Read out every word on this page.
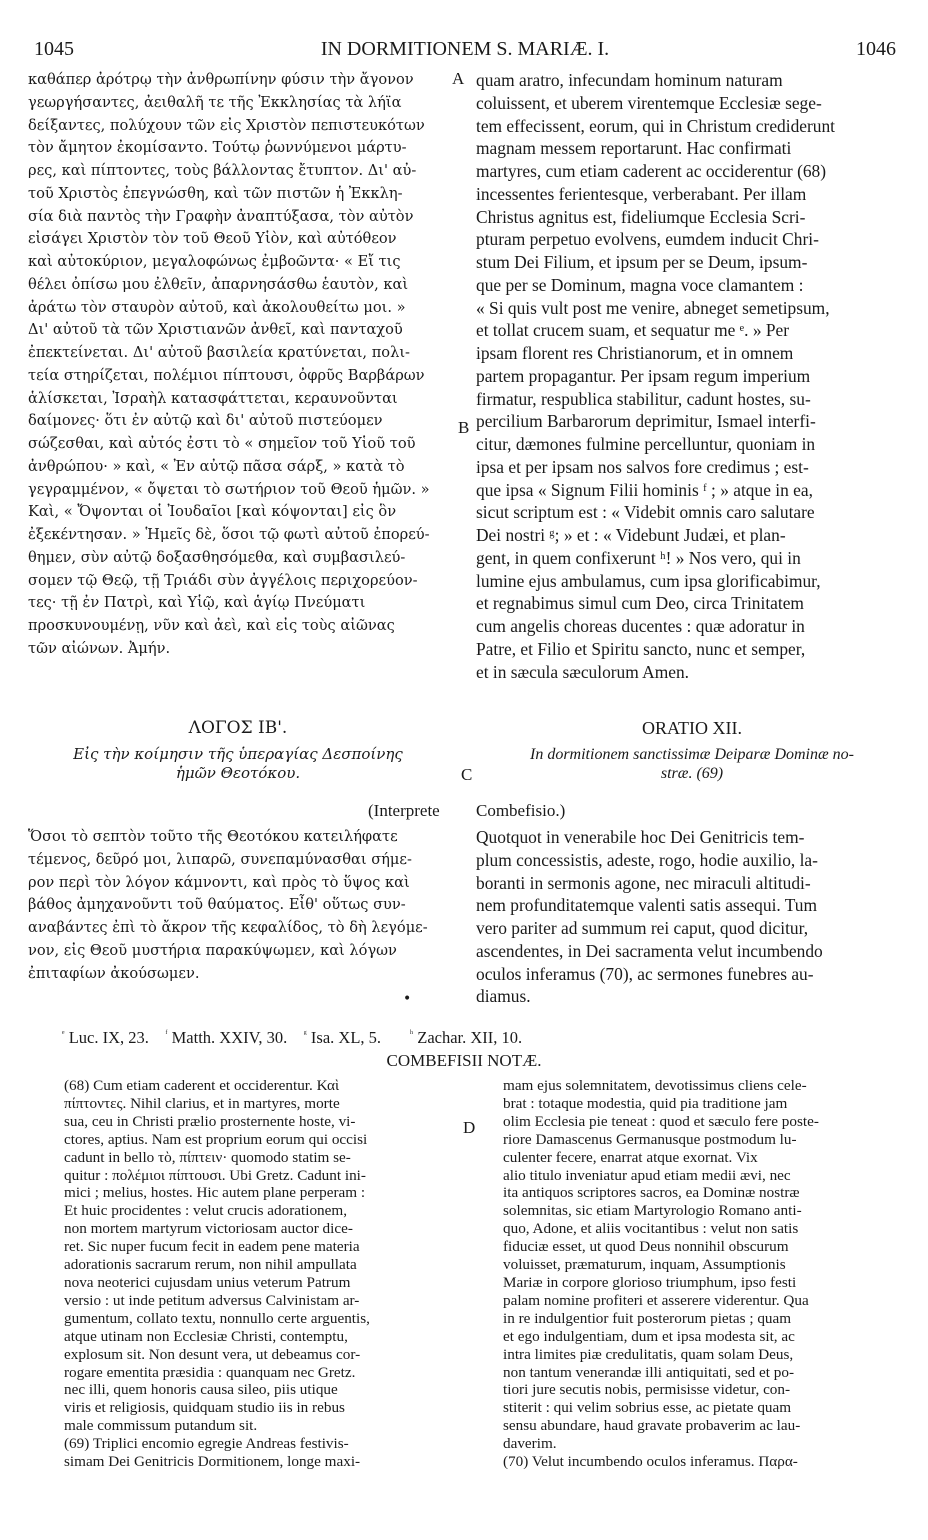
1045	IN DORMITIONEM S. MARIÆ. I.	1046
A
B
C
D

καθάπερ ἀρότρῳ τὴν ἀνθρωπίνην φύσιν τὴν ἄγονον
γεωργήσαντες, ἀειθαλῆ τε τῆς Ἐκκλησίας τὰ λήϊα
δείξαντες, πολύχουν τῶν εἰς Χριστὸν πεπιστευκότων
τὸν ἄμητον ἐκομίσαντο. Τούτῳ ῥωννύμενοι μάρτυ-
ρες, καὶ πίπτοντες, τοὺς βάλλοντας ἔτυπτον. Δι' αὐ-
τοῦ Χριστὸς ἐπεγνώσθη, καὶ τῶν πιστῶν ἡ Ἐκκλη-
σία διὰ παντὸς τὴν Γραφὴν ἀναπτύξασα, τὸν αὐτὸν
εἰσάγει Χριστὸν τὸν τοῦ Θεοῦ Υἱὸν, καὶ αὐτόθεον
καὶ αὐτοκύριον, μεγαλοφώνως ἐμβοῶντα· « Εἴ τις
θέλει ὀπίσω μου ἐλθεῖν, ἀπαρνησάσθω ἑαυτὸν, καὶ
ἀράτω τὸν σταυρὸν αὐτοῦ, καὶ ἀκολουθείτω μοι. »
Δι' αὐτοῦ τὰ τῶν Χριστιανῶν ἀνθεῖ, καὶ πανταχοῦ
ἐπεκτείνεται. Δι' αὐτοῦ βασιλεία κρατύνεται, πολι-
τεία στηρίζεται, πολέμιοι πίπτουσι, ὀφρῦς Βαρβάρων
ἁλίσκεται, Ἰσραὴλ κατασφάττεται, κεραυνοῦνται
δαίμονες· ὅτι ἐν αὐτῷ καὶ δι' αὐτοῦ πιστεύομεν
σώζεσθαι, καὶ αὐτός ἐστι τὸ « σημεῖον τοῦ Υἱοῦ τοῦ
ἀνθρώπου· » καὶ, « Ἐν αὐτῷ πᾶσα σάρξ, » κατὰ τὸ
γεγραμμένον, « ὄψεται τὸ σωτήριον τοῦ Θεοῦ ἡμῶν. »
Καὶ, « Ὄψονται οἱ Ἰουδαῖοι [καὶ κόψονται] εἰς ὃν
ἐξεκέντησαν. » Ἡμεῖς δὲ, ὅσοι τῷ φωτὶ αὐτοῦ ἐπορεύ-
θημεν, σὺν αὐτῷ δοξασθησόμεθα, καὶ συμβασιλεύ-
σομεν τῷ Θεῷ, τῇ Τριάδι σὺν ἀγγέλοις περιχορεύον-
τες· τῇ ἐν Πατρὶ, καὶ Υἱῷ, καὶ ἁγίῳ Πνεύματι
προσκυνουμένῃ, νῦν καὶ ἀεὶ, καὶ εἰς τοὺς αἰῶνας
τῶν αἰώνων. Ἀμήν.

quam aratro, infecundam hominum naturam
coluissent, et uberem virentemque Ecclesiæ sege-
tem effecissent, eorum, qui in Christum crediderunt
magnam messem reportarunt. Hac confirmati
martyres, cum etiam caderent ac occiderentur (68)
incessentes ferientesque, verberabant. Per illam
Christus agnitus est, fideliumque Ecclesia Scri-
pturam perpetuo evolvens, eumdem inducit Chri-
stum Dei Filium, et ipsum per se Deum, ipsum-
que per se Dominum, magna voce clamantem :
« Si quis vult post me venire, abneget semetipsum,
et tollat crucem suam, et sequatur me ᵉ. » Per
ipsam florent res Christianorum, et in omnem
partem propagantur. Per ipsam regum imperium
firmatur, respublica stabilitur, cadunt hostes, su-
percilium Barbarorum deprimitur, Ismael interfi-
citur, dæmones fulmine percelluntur, quoniam in
ipsa et per ipsam nos salvos fore credimus ; est-
que ipsa « Signum Filii hominis ᶠ ; » atque in ea,
sicut scriptum est : « Videbit omnis caro salutare
Dei nostri ᵍ; » et : « Videbunt Judæi, et plan-
gent, in quem confixerunt ʰ! » Nos vero, qui in
lumine ejus ambulamus, cum ipsa glorificabimur,
et regnabimus simul cum Deo, circa Trinitatem
cum angelis choreas ducentes : quæ adoratur in
Patre, et Filio et Spiritu sancto, nunc et semper,
et in sæcula sæculorum Amen.

ΛΟΓΟΣ ΙΒ'.
Εἰς τὴν κοίμησιν τῆς ὑπεραγίας Δεσποίνης
ἡμῶν Θεοτόκου.
ORATIO XII.
In dormitionem sanctissimæ Deiparæ Dominæ no-
stræ. (69)
(Interprete Combefisio.)

Ὅσοι τὸ σεπτὸν τοῦτο τῆς Θεοτόκου κατειλήφατε
τέμενος, δεῦρό μοι, λιπαρῶ, συνεπαμύνασθαι σήμε-
ρον περὶ τὸν λόγον κάμνοντι, καὶ πρὸς τὸ ὕψος καὶ
βάθος ἀμηχανοῦντι τοῦ θαύματος. Εἶθ' οὕτως συν-
αναβάντες ἐπὶ τὸ ἄκρον τῆς κεφαλίδος, τὸ δὴ λεγόμε-
νον, εἰς Θεοῦ μυστήρια παρακύψωμεν, καὶ λόγων
ἐπιταφίων ἀκούσωμεν.

Quotquot in venerabile hoc Dei Genitricis tem-
plum concessistis, adeste, rogo, hodie auxilio, la-
boranti in sermonis agone, nec miraculi altitudi-
nem profunditatemque valenti satis assequi. Tum
vero pariter ad summum rei caput, quod dicitur,
ascendentes, in Dei sacramenta velut incumbendo
oculos inferamus (70), ac sermones funebres au-
diamus.

•
$^ᵉ$ Luc. IX, 23. $^ᶠ$ Matth. XXIV, 30. $^ᵍ$ Isa. XL, 5.	$^ʰ$ Zachar. XII, 10.
COMBEFISII NOTÆ.

(68) Cum etiam caderent et occiderentur. Καὶ
πίπτοντες. Nihil clarius, et in martyres, morte
sua, ceu in Christi prælio prosternente hoste, vi-
ctores, aptius. Nam est proprium eorum qui occisi
cadunt in bello τὸ, πίπτειν· quomodo statim se-
quitur : πολέμιοι πίπτουσι. Ubi Gretz. Cadunt ini-
mici ; melius, hostes. Hic autem plane perperam :
Et huic procidentes : velut crucis adorationem,
non mortem martyrum victoriosam auctor dice-
ret. Sic nuper fucum fecit in eadem pene materia
adorationis sacrarum rerum, non nihil ampullata
nova neoterici cujusdam unius veterum Patrum
versio : ut inde petitum adversus Calvinistam ar-
gumentum, collato textu, nonnullo certe arguentis,
atque utinam non Ecclesiæ Christi, contemptu,
explosum sit. Non desunt vera, ut debeamus cor-
rogare ementita præsidia : quanquam nec Gretz.
nec illi, quem honoris causa sileo, piis utique
viris et religiosis, quidquam studio iis in rebus
male commissum putandum sit.
(69) Triplici encomio egregie Andreas festivis-
simam Dei Genitricis Dormitionem, longe maxi-

mam ejus solemnitatem, devotissimus cliens cele-
brat : totaque modestia, quid pia traditione jam
olim Ecclesia pie teneat : quod et sæculo fere poste-
riore Damascenus Germanusque postmodum lu-
culenter fecere, enarrat atque exornat. Vix
alio titulo inveniatur apud etiam medii ævi, nec
ita antiquos scriptores sacros, ea Dominæ nostræ
solemnitas, sic etiam Martyrologio Romano anti-
quo, Adone, et aliis vocitantibus : velut non satis
fiduciæ esset, ut quod Deus nonnihil obscurum
voluisset, præmaturum, inquam, Assumptionis
Mariæ in corpore glorioso triumphum, ipso festi
palam nomine profiteri et asserere viderentur. Qua
in re indulgentior fuit posterorum pietas ; quam
et ego indulgentiam, dum et ipsa modesta sit, ac
intra limites piæ credulitatis, quam solam Deus,
non tantum venerandæ illi antiquitati, sed et po-
tiori jure secutis nobis, permisisse videtur, con-
stiterit : qui velim sobrius esse, ac pietate quam
sensu abundare, haud gravate probaverim ac lau-
daverim.
(70) Velut incumbendo oculos inferamus. Παρα-
